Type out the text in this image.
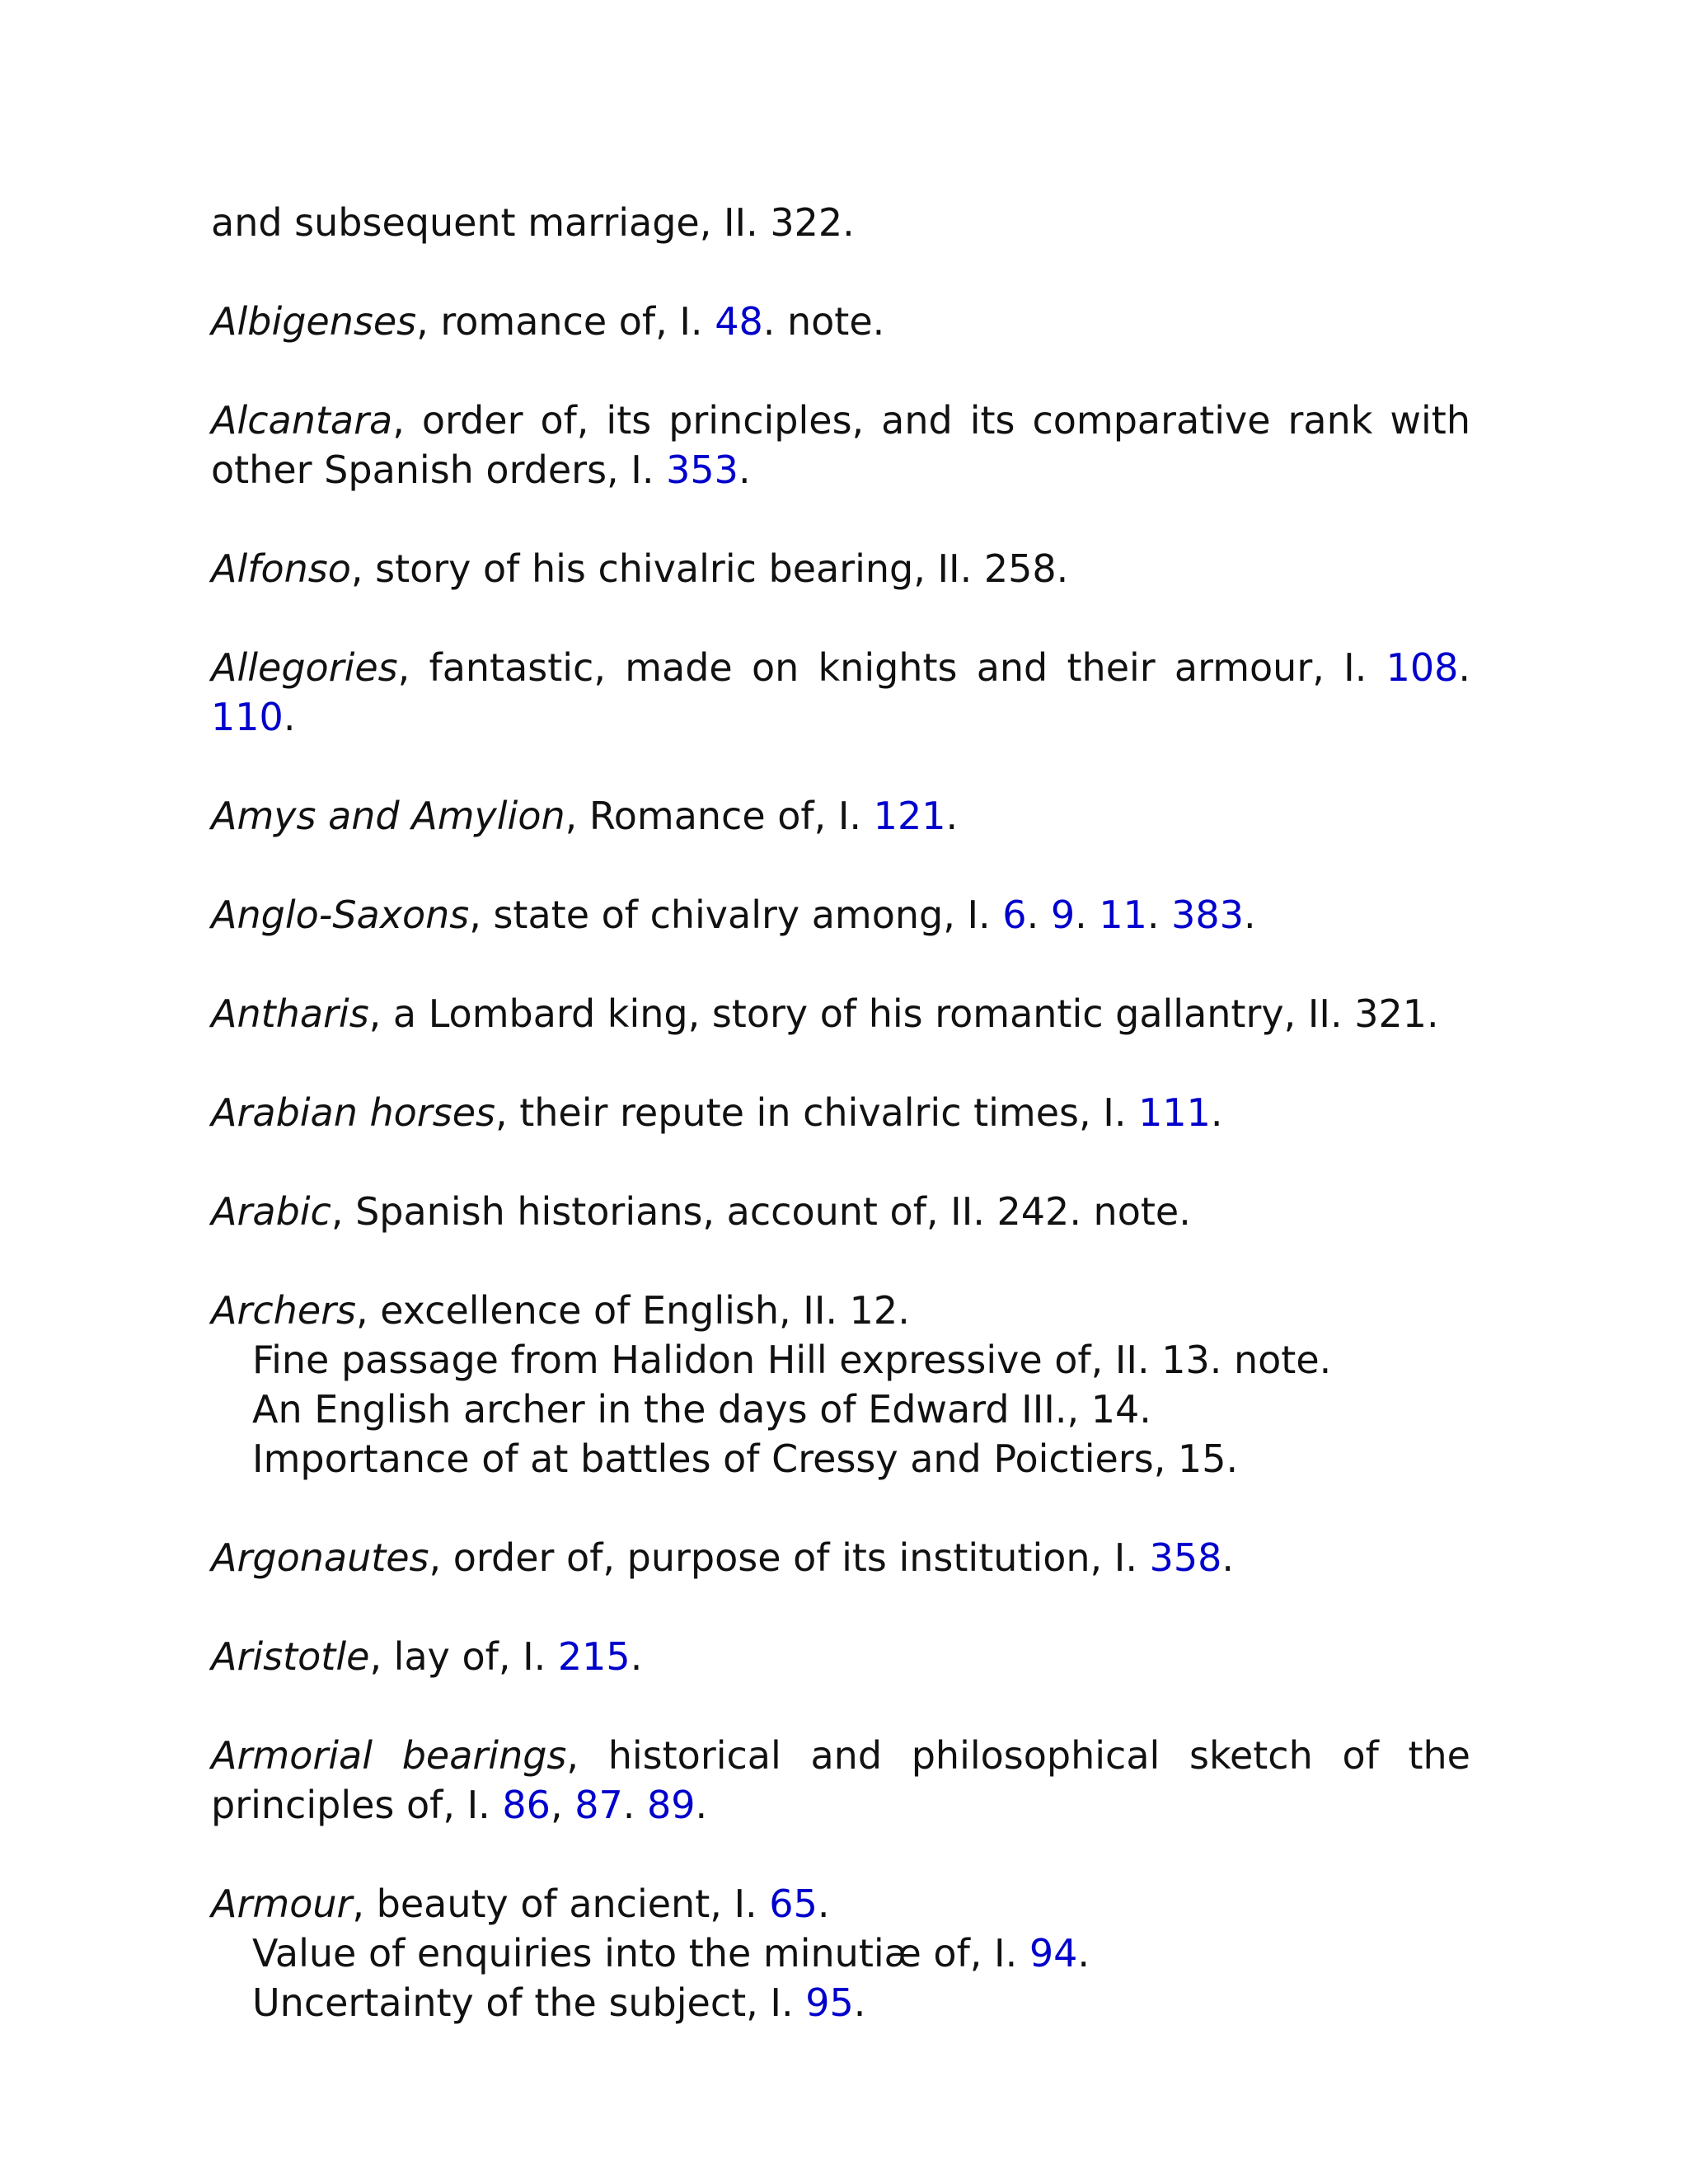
and subsequent marriage, II. 322.
Albigenses, romance of, I. 48. note.
Alcantara, order of, its principles, and its comparative rank with other Spanish orders, I. 353.
Alfonso, story of his chivalric bearing, II. 258.
Allegories, fantastic, made on knights and their armour, I. 108. 110.
Amys and Amylion, Romance of, I. 121.
Anglo-Saxons, state of chivalry among, I. 6. 9. 11. 383.
Antharis, a Lombard king, story of his romantic gallantry, II. 321.
Arabian horses, their repute in chivalric times, I. 111.
Arabic, Spanish historians, account of, II. 242. note.
Archers, excellence of English, II. 12.
Fine passage from Halidon Hill expressive of, II. 13. note.
An English archer in the days of Edward III., 14.
Importance of at battles of Cressy and Poictiers, 15.
Argonautes, order of, purpose of its institution, I. 358.
Aristotle, lay of, I. 215.
Armorial bearings, historical and philosophical sketch of the principles of, I. 86, 87. 89.
Armour, beauty of ancient, I. 65.
Value of enquiries into the minutiæ of, I. 94.
Uncertainty of the subject, I. 95.
